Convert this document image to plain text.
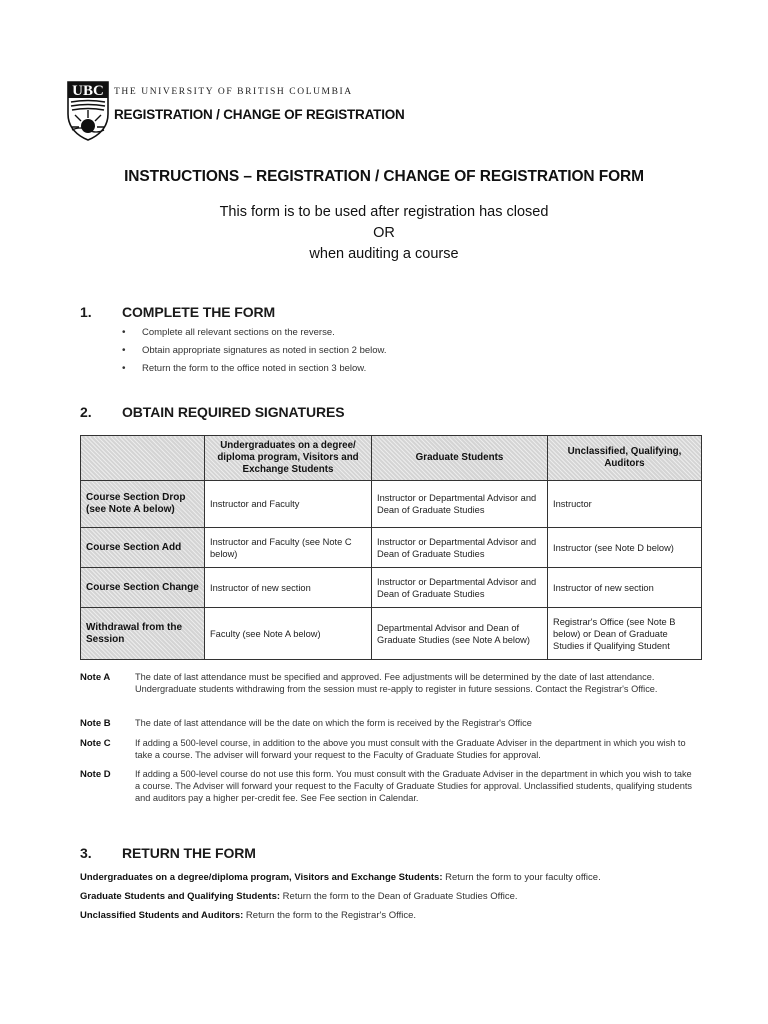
UBC THE UNIVERSITY OF BRITISH COLUMBIA
REGISTRATION / CHANGE OF REGISTRATION
INSTRUCTIONS – REGISTRATION / CHANGE OF REGISTRATION FORM
This form is to be used after registration has closed
OR
when auditing a course
1. COMPLETE THE FORM
• Complete all relevant sections on the reverse.
• Obtain appropriate signatures as noted in section 2 below.
• Return the form to the office noted in section 3 below.
2. OBTAIN REQUIRED SIGNATURES
	Undergraduates on a degree/ diploma program, Visitors and Exchange Students	Graduate Students	Unclassified, Qualifying, Auditors
Course Section Drop (see Note A below)	Instructor and Faculty	Instructor or Departmental Advisor and Dean of Graduate Studies	Instructor
Course Section Add	Instructor and Faculty (see Note C below)	Instructor or Departmental Advisor and Dean of Graduate Studies	Instructor (see Note D below)
Course Section Change	Instructor of new section	Instructor or Departmental Advisor and Dean of Graduate Studies	Instructor of new section
Withdrawal from the Session	Faculty (see Note A below)	Departmental Advisor and Dean of Graduate Studies (see Note A below)	Registrar's Office (see Note B below) or Dean of Graduate Studies if Qualifying Student
Note A	The date of last attendance must be specified and approved. Fee adjustments will be determined by the date of last attendance. Undergraduate students withdrawing from the session must re-apply to register in future sessions. Contact the Registrar's Office.
Note B	The date of last attendance will be the date on which the form is received by the Registrar's Office
Note C	If adding a 500-level course, in addition to the above you must consult with the Graduate Adviser in the department in which you wish to take a course. The adviser will forward your request to the Faculty of Graduate Studies for approval.
Note D	If adding a 500-level course do not use this form. You must consult with the Graduate Adviser in the department in which you wish to take a course. The Adviser will forward your request to the Faculty of Graduate Studies for approval. Unclassified students, qualifying students and auditors pay a higher per-credit fee. See Fee section in Calendar.
3. RETURN THE FORM
Undergraduates on a degree/diploma program, Visitors and Exchange Students: Return the form to your faculty office.
Graduate Students and Qualifying Students: Return the form to the Dean of Graduate Studies Office.
Unclassified Students and Auditors: Return the form to the Registrar's Office.
